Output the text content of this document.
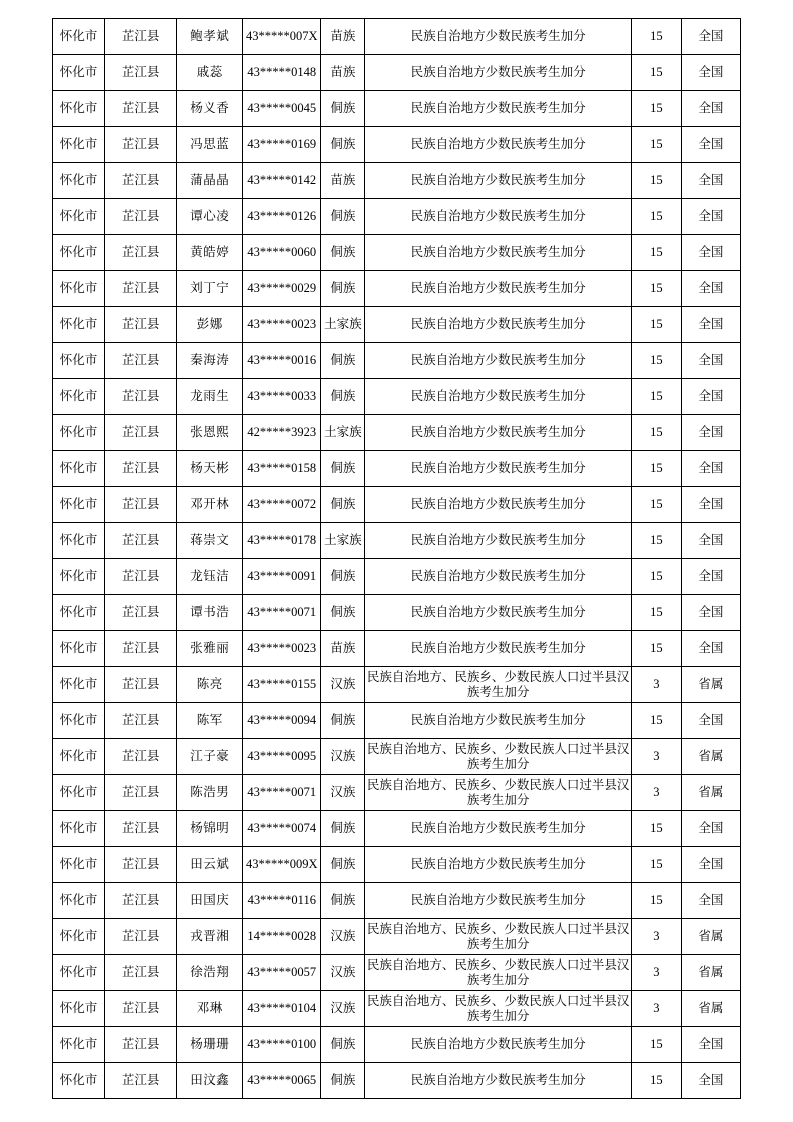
怀化市	芷江县	鲍孝斌	43*****007X	苗族	民族自治地方少数民族考生加分	15	全国
怀化市	芷江县	戚蕊	43*****0148	苗族	民族自治地方少数民族考生加分	15	全国
怀化市	芷江县	杨义香	43*****0045	侗族	民族自治地方少数民族考生加分	15	全国
怀化市	芷江县	冯思蓝	43*****0169	侗族	民族自治地方少数民族考生加分	15	全国
怀化市	芷江县	蒲晶晶	43*****0142	苗族	民族自治地方少数民族考生加分	15	全国
怀化市	芷江县	谭心凌	43*****0126	侗族	民族自治地方少数民族考生加分	15	全国
怀化市	芷江县	黄皓婷	43*****0060	侗族	民族自治地方少数民族考生加分	15	全国
怀化市	芷江县	刘丁宁	43*****0029	侗族	民族自治地方少数民族考生加分	15	全国
怀化市	芷江县	彭娜	43*****0023	土家族	民族自治地方少数民族考生加分	15	全国
怀化市	芷江县	秦海涛	43*****0016	侗族	民族自治地方少数民族考生加分	15	全国
怀化市	芷江县	龙雨生	43*****0033	侗族	民族自治地方少数民族考生加分	15	全国
怀化市	芷江县	张恩熙	42*****3923	土家族	民族自治地方少数民族考生加分	15	全国
怀化市	芷江县	杨天彬	43*****0158	侗族	民族自治地方少数民族考生加分	15	全国
怀化市	芷江县	邓开林	43*****0072	侗族	民族自治地方少数民族考生加分	15	全国
怀化市	芷江县	蒋崇文	43*****0178	土家族	民族自治地方少数民族考生加分	15	全国
怀化市	芷江县	龙钰洁	43*****0091	侗族	民族自治地方少数民族考生加分	15	全国
怀化市	芷江县	谭书浩	43*****0071	侗族	民族自治地方少数民族考生加分	15	全国
怀化市	芷江县	张雅丽	43*****0023	苗族	民族自治地方少数民族考生加分	15	全国
怀化市	芷江县	陈亮	43*****0155	汉族	民族自治地方、民族乡、少数民族人口过半县汉族考生加分	3	省属
怀化市	芷江县	陈军	43*****0094	侗族	民族自治地方少数民族考生加分	15	全国
怀化市	芷江县	江子豪	43*****0095	汉族	民族自治地方、民族乡、少数民族人口过半县汉族考生加分	3	省属
怀化市	芷江县	陈浩男	43*****0071	汉族	民族自治地方、民族乡、少数民族人口过半县汉族考生加分	3	省属
怀化市	芷江县	杨锦明	43*****0074	侗族	民族自治地方少数民族考生加分	15	全国
怀化市	芷江县	田云斌	43*****009X	侗族	民族自治地方少数民族考生加分	15	全国
怀化市	芷江县	田国庆	43*****0116	侗族	民族自治地方少数民族考生加分	15	全国
怀化市	芷江县	戎晋湘	14*****0028	汉族	民族自治地方、民族乡、少数民族人口过半县汉族考生加分	3	省属
怀化市	芷江县	徐浩翔	43*****0057	汉族	民族自治地方、民族乡、少数民族人口过半县汉族考生加分	3	省属
怀化市	芷江县	邓琳	43*****0104	汉族	民族自治地方、民族乡、少数民族人口过半县汉族考生加分	3	省属
怀化市	芷江县	杨珊珊	43*****0100	侗族	民族自治地方少数民族考生加分	15	全国
怀化市	芷江县	田汶鑫	43*****0065	侗族	民族自治地方少数民族考生加分	15	全国
